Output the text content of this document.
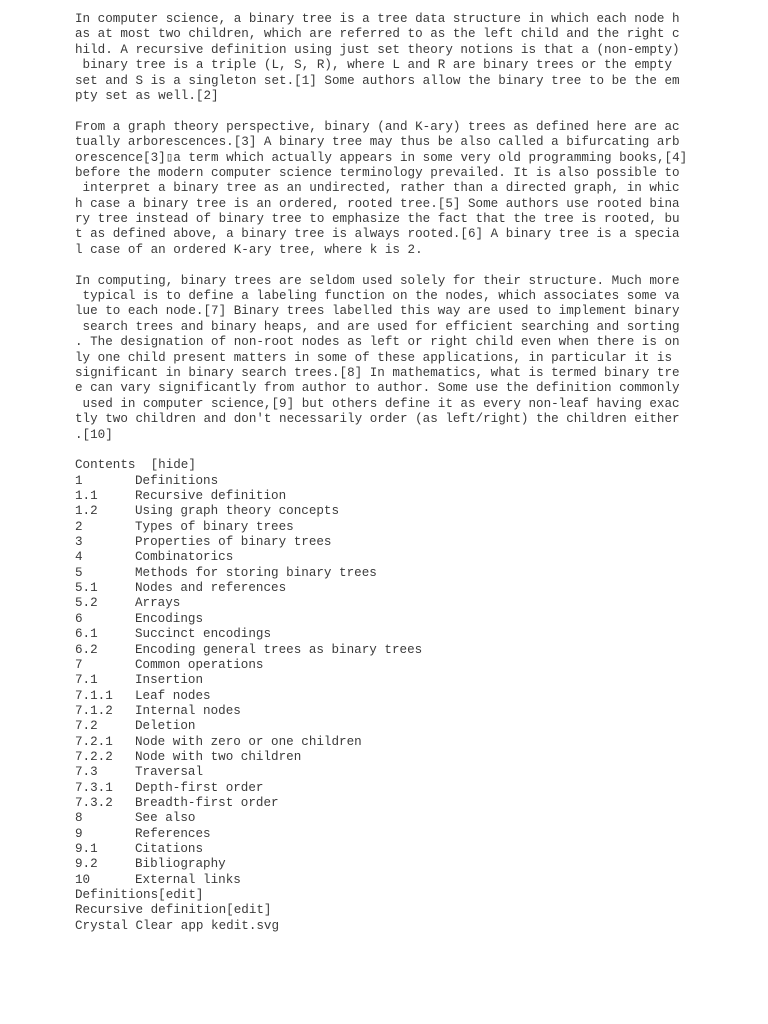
In computer science, a binary tree is a tree data structure in which each node h
as at most two children, which are referred to as the left child and the right c
hild. A recursive definition using just set theory notions is that a (non-empty)
binary tree is a triple (L, S, R), where L and R are binary trees or the empty
set and S is a singleton set.[1] Some authors allow the binary tree to be the em
pty set as well.[2]
From a graph theory perspective, binary (and K-ary) trees as defined here are ac
tually arborescences.[3] A binary tree may thus be also called a bifurcating arb
orescence[3]▯a term which actually appears in some very old programming books,[4]
before the modern computer science terminology prevailed. It is also possible to
interpret a binary tree as an undirected, rather than a directed graph, in whic
h case a binary tree is an ordered, rooted tree.[5] Some authors use rooted bina
ry tree instead of binary tree to emphasize the fact that the tree is rooted, bu
t as defined above, a binary tree is always rooted.[6] A binary tree is a specia
l case of an ordered K-ary tree, where k is 2.
In computing, binary trees are seldom used solely for their structure. Much more
typical is to define a labeling function on the nodes, which associates some va
lue to each node.[7] Binary trees labelled this way are used to implement binary
search trees and binary heaps, and are used for efficient searching and sorting
. The designation of non-root nodes as left or right child even when there is on
ly one child present matters in some of these applications, in particular it is
significant in binary search trees.[8] In mathematics, what is termed binary tre
e can vary significantly from author to author. Some use the definition commonly
used in computer science,[9] but others define it as every non-leaf having exac
tly two children and don't necessarily order (as left/right) the children either
.[10]
Contents  [hide]
1	Definitions
1.1	Recursive definition
1.2	Using graph theory concepts
2	Types of binary trees
3	Properties of binary trees
4	Combinatorics
5	Methods for storing binary trees
5.1	Nodes and references
5.2	Arrays
6	Encodings
6.1	Succinct encodings
6.2	Encoding general trees as binary trees
7	Common operations
7.1	Insertion
7.1.1	Leaf nodes
7.1.2	Internal nodes
7.2	Deletion
7.2.1	Node with zero or one children
7.2.2	Node with two children
7.3	Traversal
7.3.1	Depth-first order
7.3.2	Breadth-first order
8	See also
9	References
9.1	Citations
9.2	Bibliography
10	External links
Definitions[edit]
Recursive definition[edit]
Crystal Clear app kedit.svg
